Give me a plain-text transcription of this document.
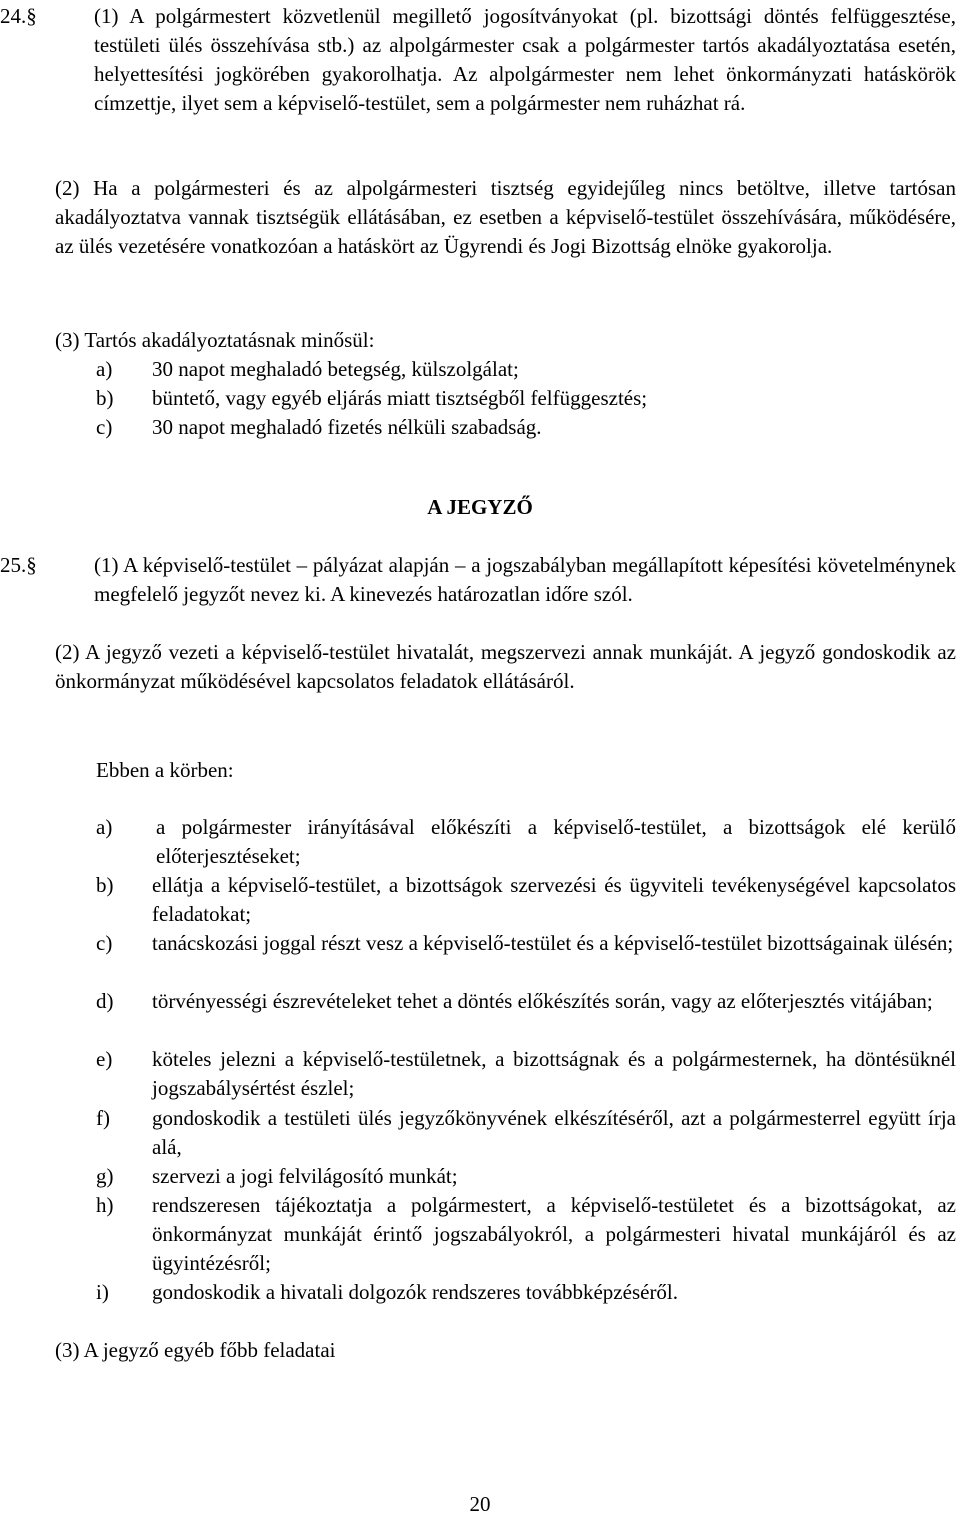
24.§	(1) A polgármestert közvetlenül megillető jogosítványokat (pl. bizottsági döntés felfüggesztése, testületi ülés összehívása stb.) az alpolgármester csak a polgármester tartós akadályoztatása esetén, helyettesítési jogkörében gyakorolhatja. Az alpolgármester nem lehet önkormányzati hatáskörök címzettje, ilyet sem a képviselő-testület, sem a polgármester nem ruházhat rá.
(2) Ha a polgármesteri és az alpolgármesteri tisztség egyidejűleg nincs betöltve, illetve tartósan akadályoztatva vannak tisztségük ellátásában, ez esetben a képviselő-testület összehívására, működésére, az ülés vezetésére vonatkozóan a hatáskört az Ügyrendi és Jogi Bizottság elnöke gyakorolja.
(3) Tartós akadályoztatásnak minősül:
a) 30 napot meghaladó betegség, külszolgálat;
b) büntető, vagy egyéb eljárás miatt tisztségből felfüggesztés;
c) 30 napot meghaladó fizetés nélküli szabadság.
A JEGYZŐ
25.§	(1) A képviselő-testület – pályázat alapján – a jogszabályban megállapított képesítési követelménynek megfelelő jegyzőt nevez ki. A kinevezés határozatlan időre szól.
(2) A jegyző vezeti a képviselő-testület hivatalát, megszervezi annak munkáját. A jegyző gondoskodik az önkormányzat működésével kapcsolatos feladatok ellátásáról.
Ebben a körben:
a) a polgármester irányításával előkészíti a képviselő-testület, a bizottságok elé kerülő előterjesztéseket;
b) ellátja a képviselő-testület, a bizottságok szervezési és ügyviteli tevékenységével kapcsolatos feladatokat;
c) tanácskozási joggal részt vesz a képviselő-testület és a képviselő-testület bizottságainak ülésén;
d) törvényességi észrevételeket tehet a döntés előkészítés során, vagy az előterjesztés vitájában;
e) köteles jelezni a képviselő-testületnek, a bizottságnak és a polgármesternek, ha döntésüknél jogszabálysértést észlel;
f) gondoskodik a testületi ülés jegyzőkönyvének elkészítéséről, azt a polgármesterrel együtt írja alá,
g) szervezi a jogi felvilágosító munkát;
h) rendszeresen tájékoztatja a polgármestert, a képviselő-testületet és a bizottságokat, az önkormányzat munkáját érintő jogszabályokról, a polgármesteri hivatal munkájáról és az ügyintézésről;
i) gondoskodik a hivatali dolgozók rendszeres továbbképzéséről.
(3) A jegyző egyéb főbb feladatai
20
